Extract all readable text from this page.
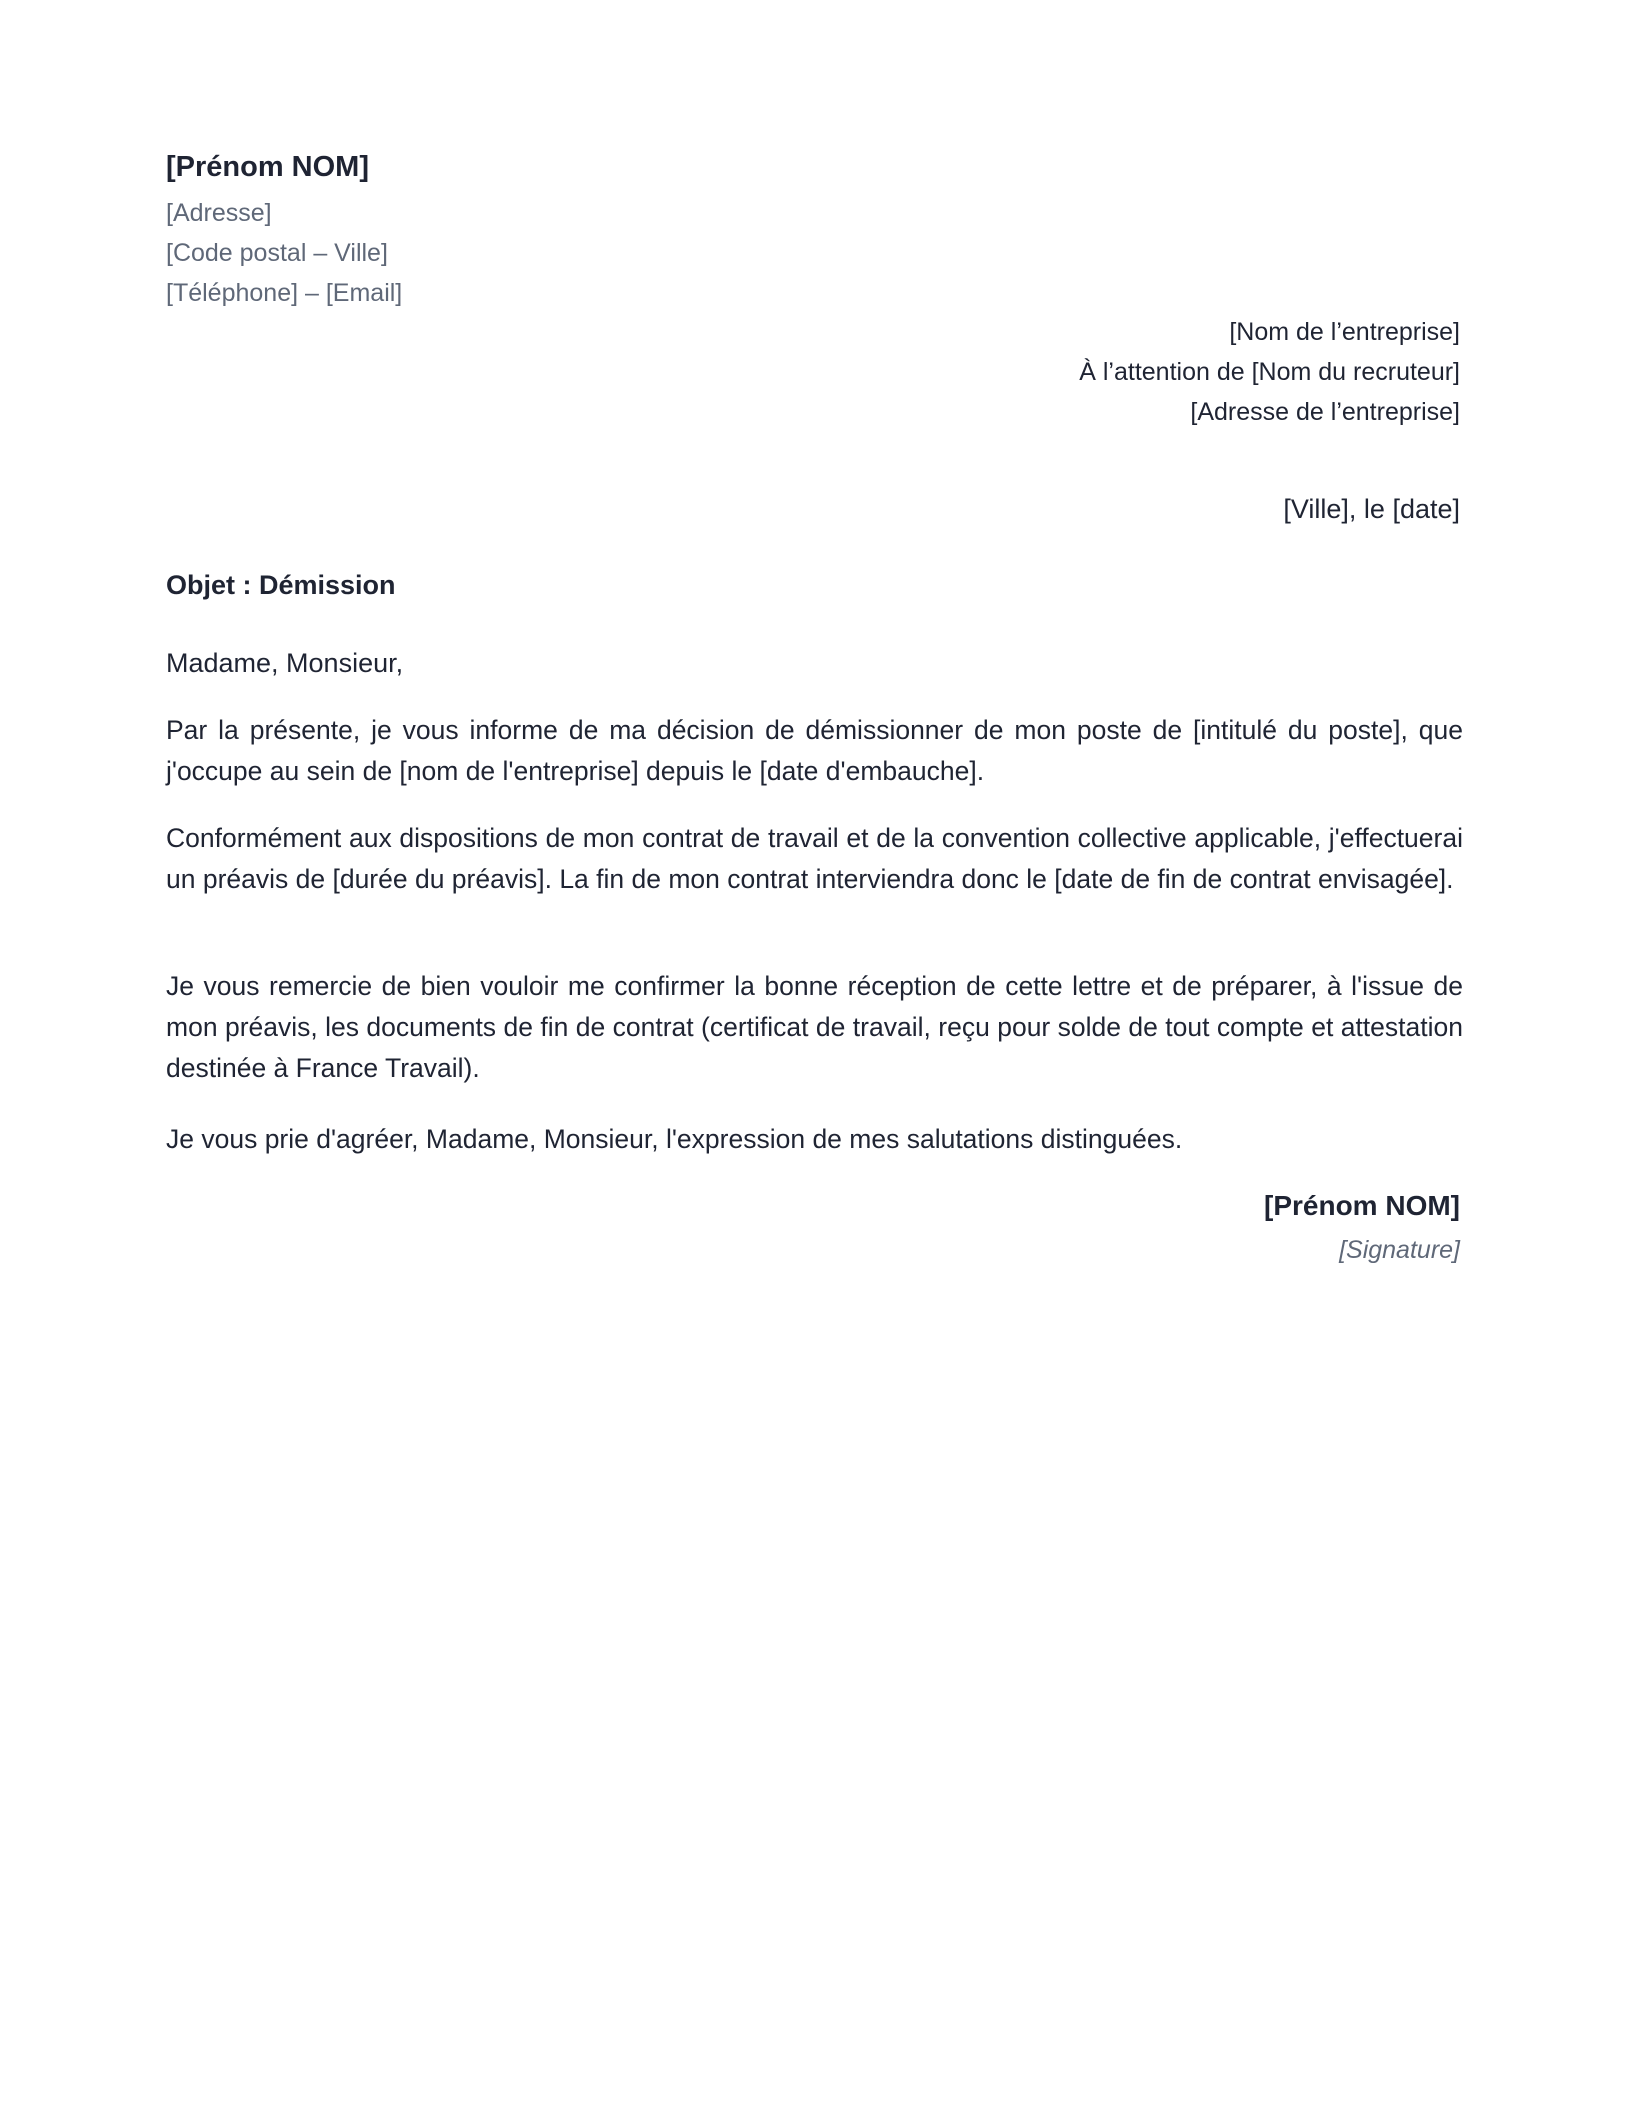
[Prénom NOM]
[Adresse]
[Code postal – Ville]
[Téléphone] – [Email]
[Nom de l’entreprise]
À l’attention de [Nom du recruteur]
[Adresse de l’entreprise]
[Ville], le [date]
Objet : Démission
Madame, Monsieur,

Par la présente, je vous informe de ma décision de démissionner de mon poste de [intitulé du poste], que j'occupe au sein de [nom de l'entreprise] depuis le [date d'embauche].

Conformément aux dispositions de mon contrat de travail et de la convention collective applicable, j'effectuerai un préavis de [durée du préavis]. La fin de mon contrat interviendra donc le [date de fin de contrat envisagée].

Je vous remercie de bien vouloir me confirmer la bonne réception de cette lettre et de préparer, à l'issue de mon préavis, les documents de fin de contrat (certificat de travail, reçu pour solde de tout compte et attestation destinée à France Travail).

Je vous prie d'agréer, Madame, Monsieur, l'expression de mes salutations distinguées.
[Prénom NOM]
[Signature]
